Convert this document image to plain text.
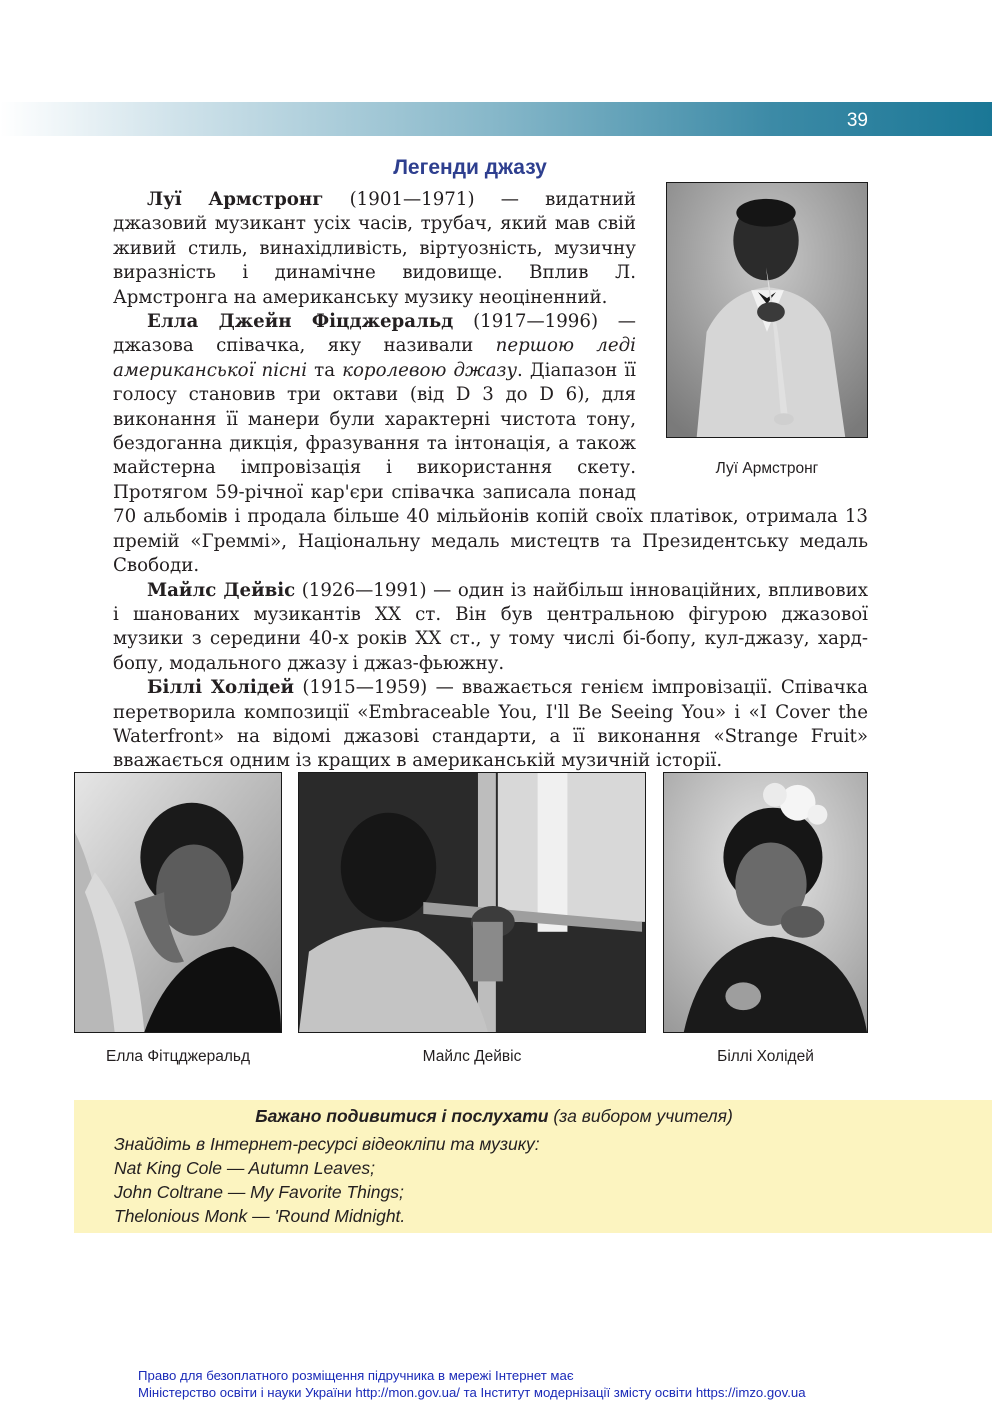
39
Легенди джазу

Луї Армстронг (1901—1971) — видатний джазовий музикант усіх часів, трубач, який мав свій живий стиль, винахідливість, віртуозність, музичну виразність і динамічне видовище. Вплив Л. Армстронга на американську музику неоціненний.

Елла Джейн Фіцджеральд (1917—1996) — джазова співачка, яку називали першою леді американської пісні та королевою джазу. Діапазон її голосу становив три октави (від D 3 до D 6), для виконання її манери були характерні чистота тону, бездоганна дикція, фразування та інтонація, а також майстерна імпровізація і використання скету. Протягом 59-річної кар'єри співачка записала понад 70 альбомів і продала більше 40 мільйонів копій своїх платівок, отримала 13 премій «Греммі», Національну медаль мистецтв та Президентську медаль Свободи.

Майлс Дейвіс (1926—1991) — один із найбільш інноваційних, впливових і шанованих музикантів XX ст. Він був центральною фігурою джазової музики з середини 40-х років XX ст., у тому числі бі-бопу, кул-джазу, хард-бопу, модального джазу і джаз-фьюжну.

Біллі Холідей (1915—1959) — вважається генієм імпровізації. Співачка перетворила композиції «Embraceable You, I'll Be Seeing You» і «I Cover the Waterfront» на відомі джазові стандарти, а її виконання «Strange Fruit» вважається одним із кращих в американській музичній історії.

Луї Армстронг
Елла Фітцджеральд	Майлс Дейвіс	Біллі Холідей
Бажано подивитися і послухати (за вибором учителя)
Знайдіть в Інтернет-ресурсі відеокліпи та музику:
Nat King Cole — Autumn Leaves;
John Coltrane — My Favorite Things;
Thelonious Monk — 'Round Midnight.
Право для безоплатного розміщення підручника в мережі Інтернет має
Міністерство освіти і науки України http://mon.gov.ua/ та Інститут модернізації змісту освіти https://imzo.gov.ua
